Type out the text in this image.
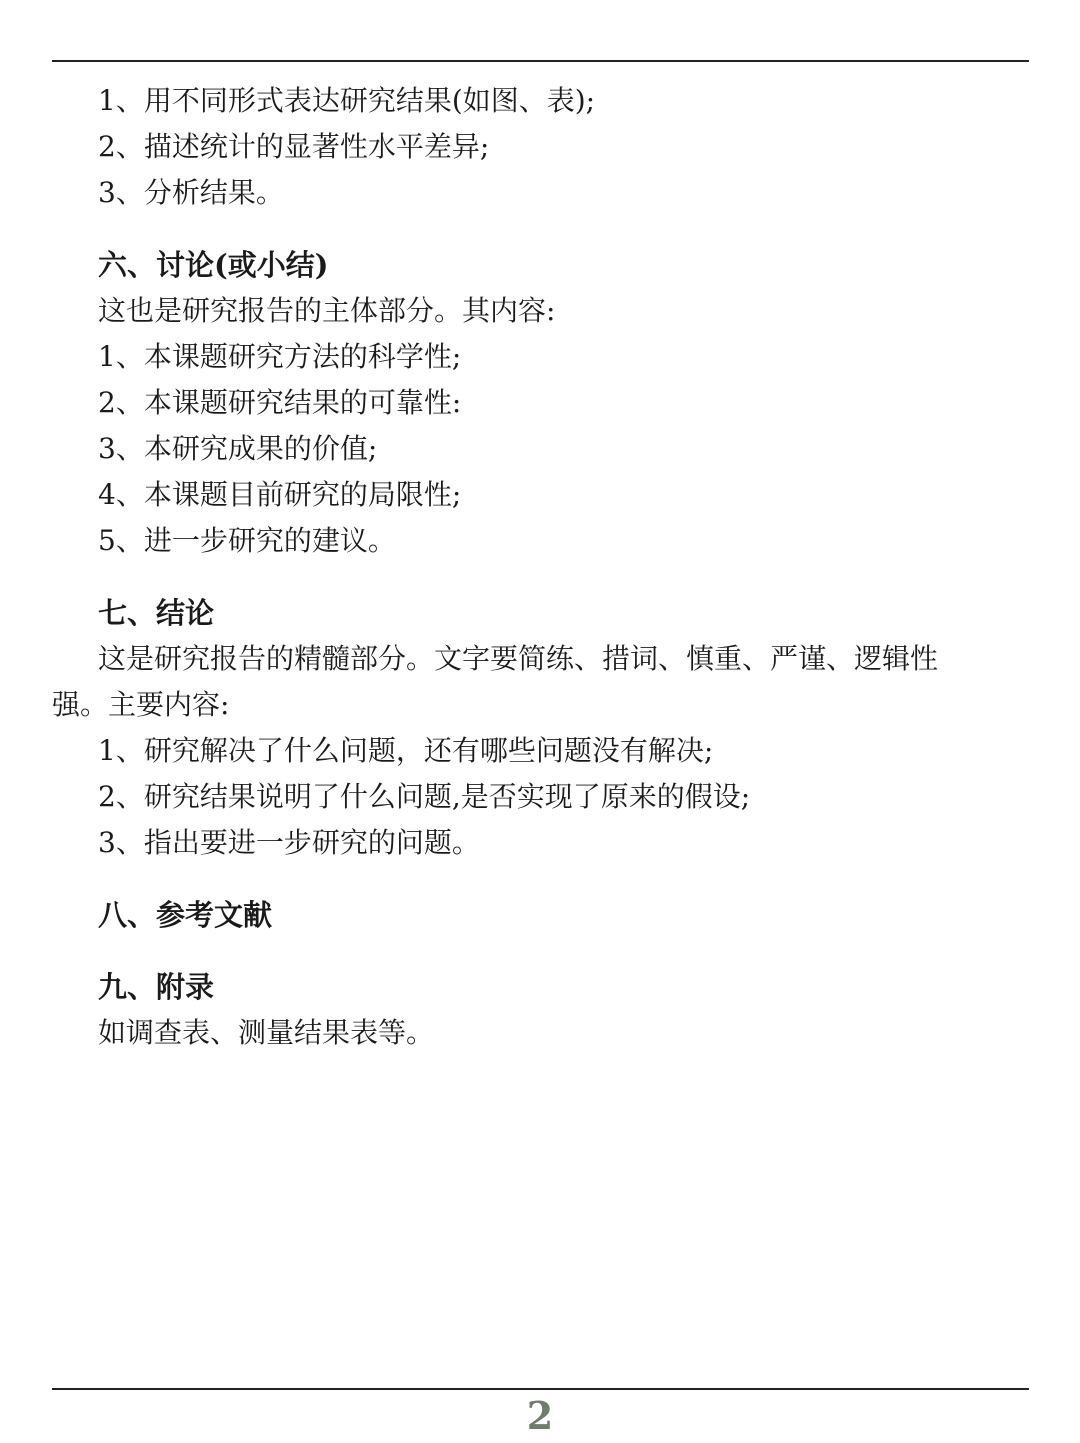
1、用不同形式表达研究结果(如图、表);
2、描述统计的显著性水平差异;
3、分析结果。
六、讨论(或小结)
这也是研究报告的主体部分。其内容:
1、本课题研究方法的科学性;
2、本课题研究结果的可靠性:
3、本研究成果的价值;
4、本课题目前研究的局限性;
5、进一步研究的建议。
七、结论
这是研究报告的精髓部分。文字要简练、措词、慎重、严谨、逻辑性
强。主要内容:
1、研究解决了什么问题，还有哪些问题没有解决;
2、研究结果说明了什么问题,是否实现了原来的假设;
3、指出要进一步研究的问题。
八、参考文献
九、附录
如调查表、测量结果表等。
2
